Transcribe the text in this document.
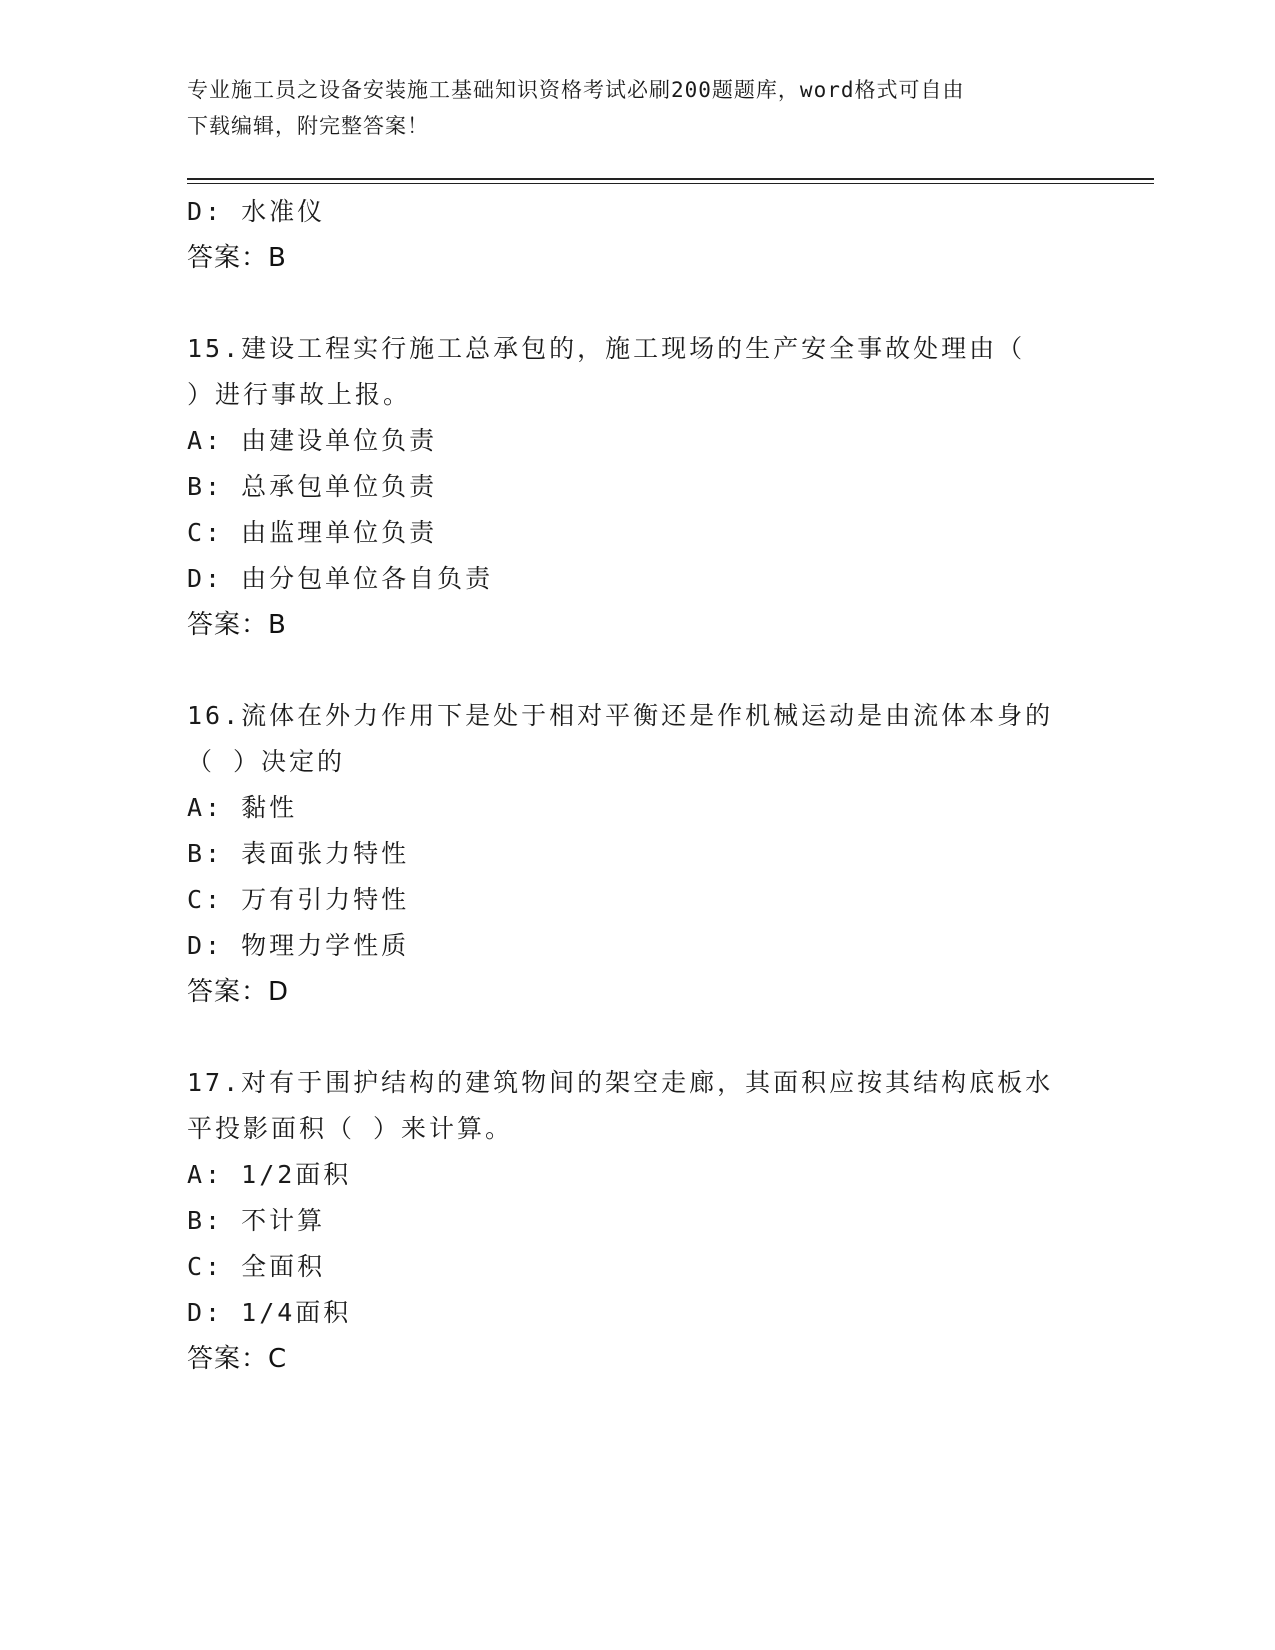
专业施工员之设备安装施工基础知识资格考试必刷200题题库，word格式可自由
下载编辑，附完整答案！
D: 水准仪
答案：B
15.建设工程实行施工总承包的，施工现场的生产安全事故处理由（
）进行事故上报。
A: 由建设单位负责
B: 总承包单位负责
C: 由监理单位负责
D: 由分包单位各自负责
答案：B
16.流体在外力作用下是处于相对平衡还是作机械运动是由流体本身的
（ ）决定的
A: 黏性
B: 表面张力特性
C: 万有引力特性
D: 物理力学性质
答案：D
17.对有于围护结构的建筑物间的架空走廊，其面积应按其结构底板水
平投影面积（ ）来计算。
A: 1/2面积
B: 不计算
C: 全面积
D: 1/4面积
答案：C
